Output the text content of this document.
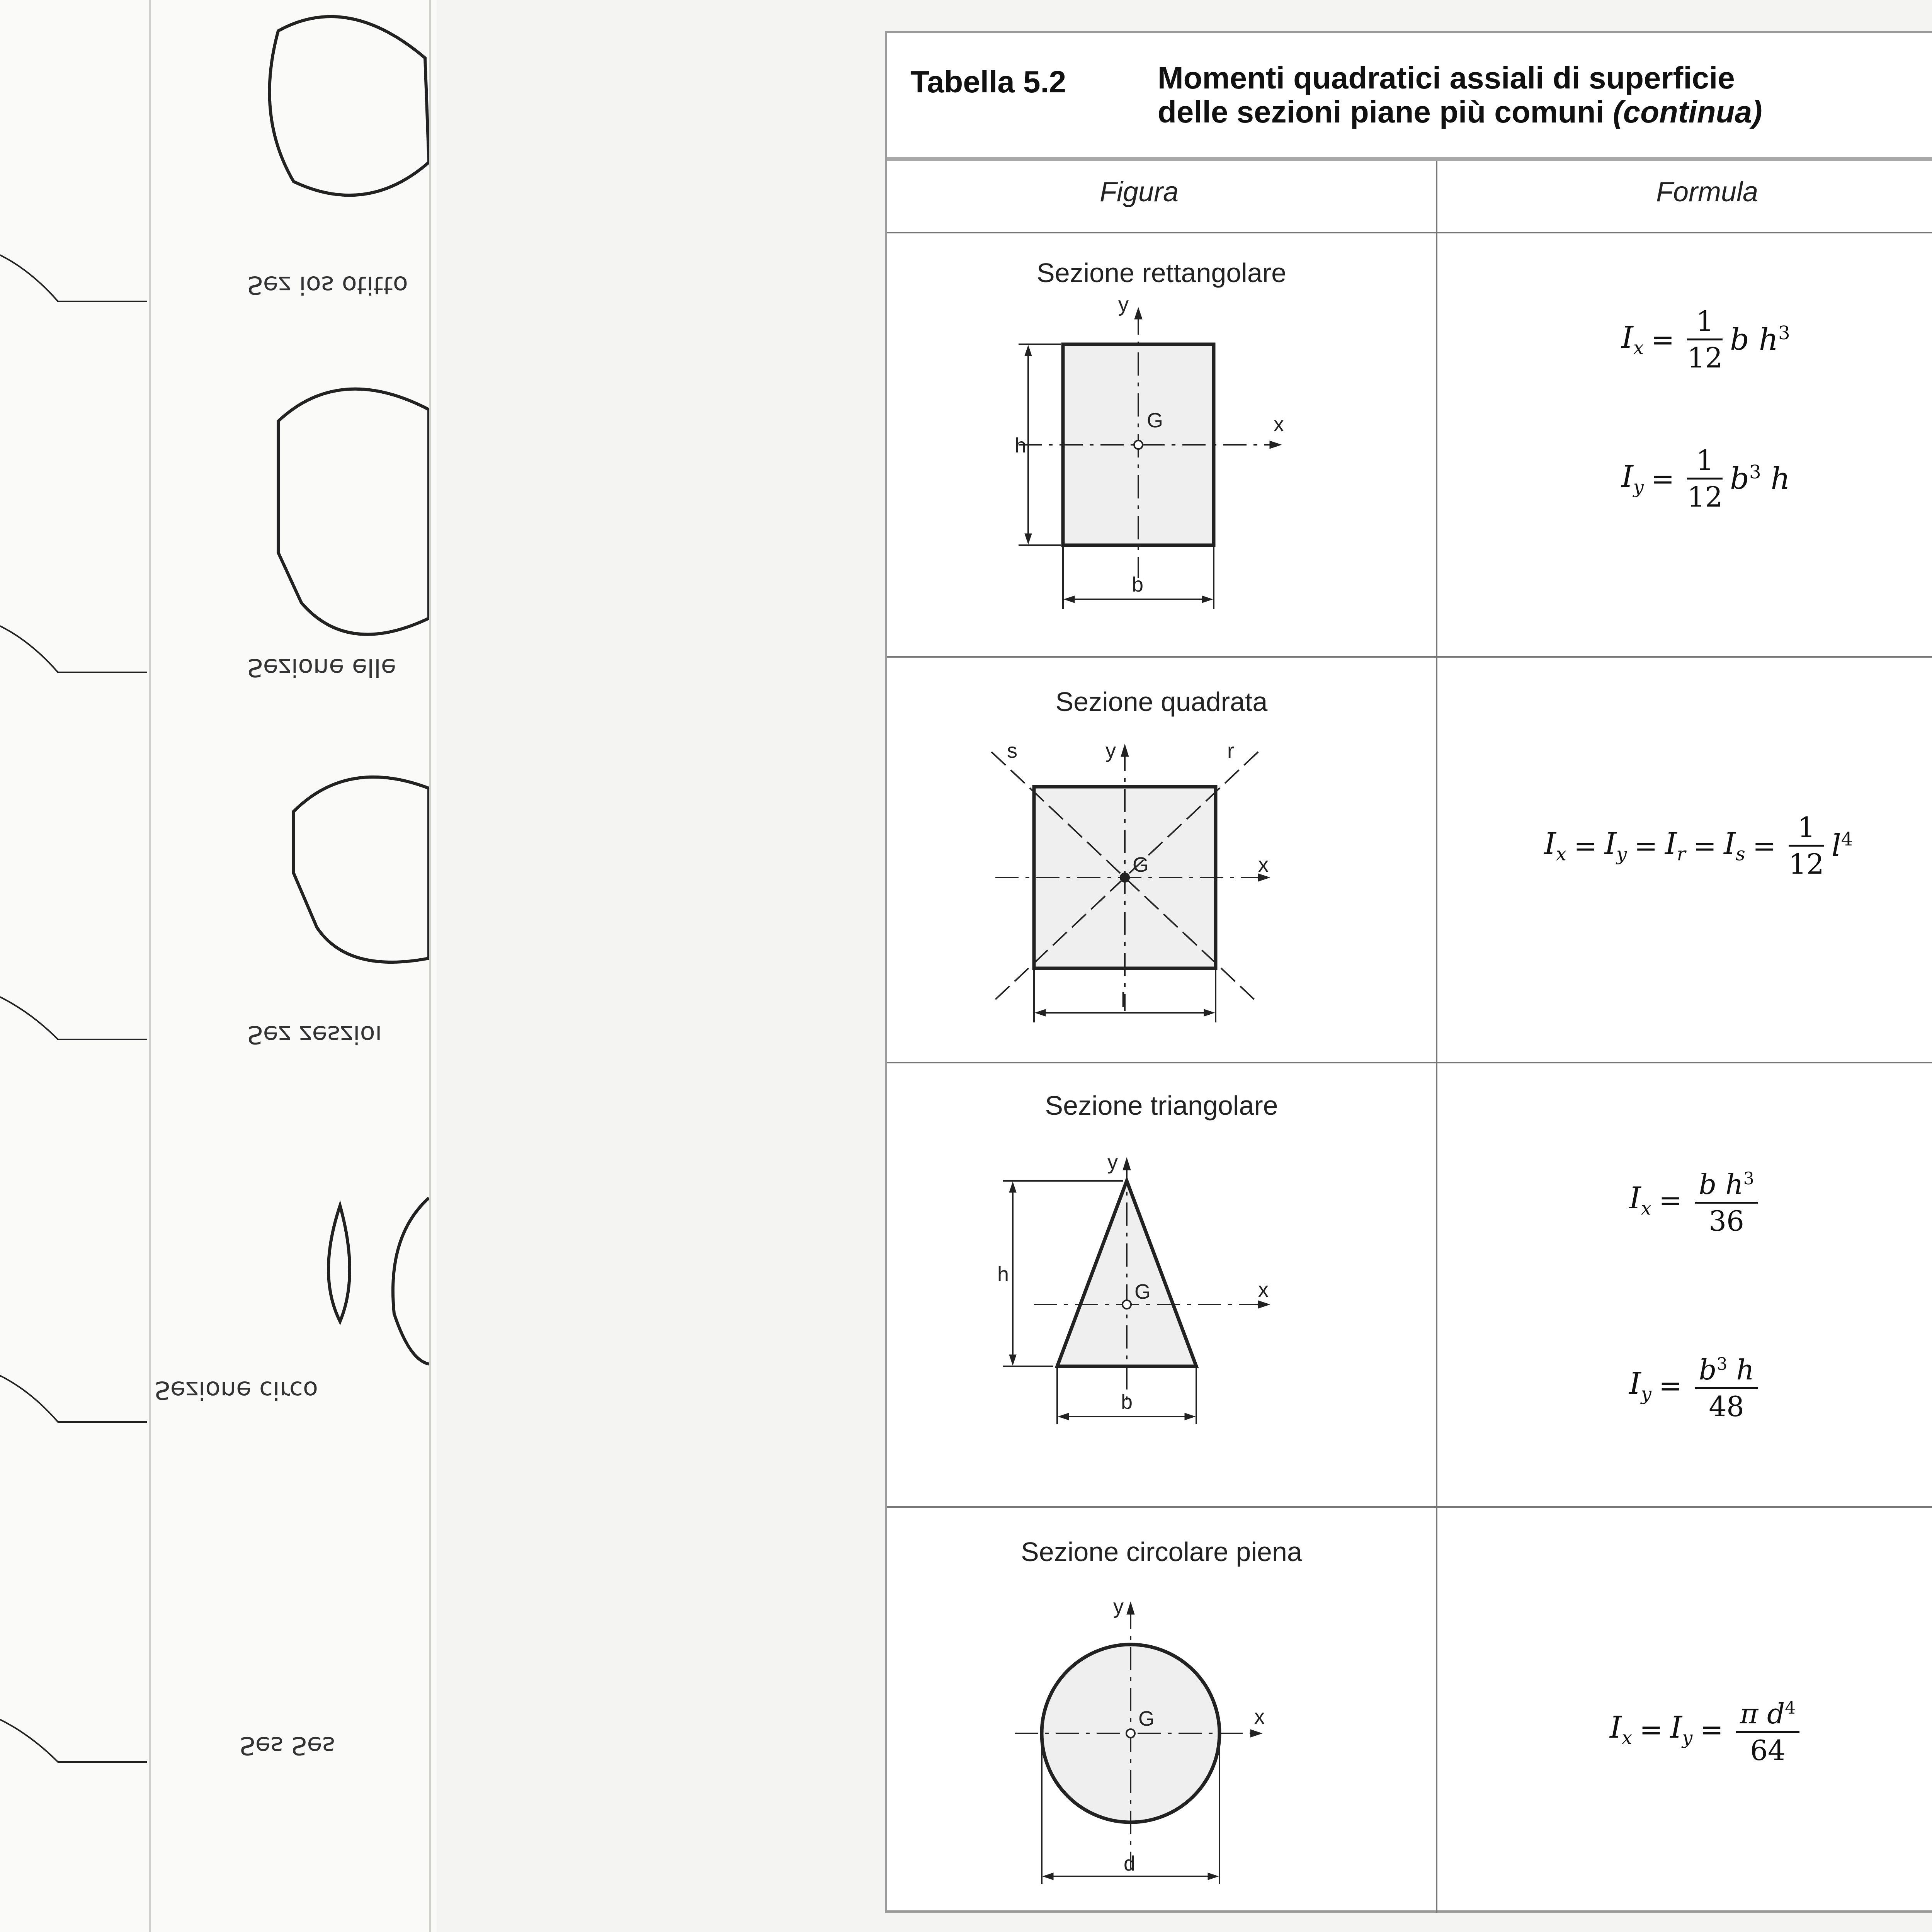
Sez ios otitto
Sezione elle
Sez zeszioı
Sezionе circo
Ses Ses
Tabella 5.2	Momenti quadratici assiali di superficie
delle sezioni piane più comuni (continua)
Figura	Formula
Sezione rettangolare
y
x
G
h
b
$I_x = \frac{1}{12}$ b $h^3$
$I_y = \frac{1}{12} b^3$ h
Sezione quadrata
y
x
G
r
s
l
$I_x = I_y = I_r = I_s = \frac{1}{12} l^4$
Sezione triangolare
y
x
G
h
b
$I_x = \frac{b h^3}{36}$
$I_y = \frac{b^3 h}{48}$
Sezione circolare piena
y
x
G
d
$I_x = I_y = \frac{\pi d^4}{64}$
